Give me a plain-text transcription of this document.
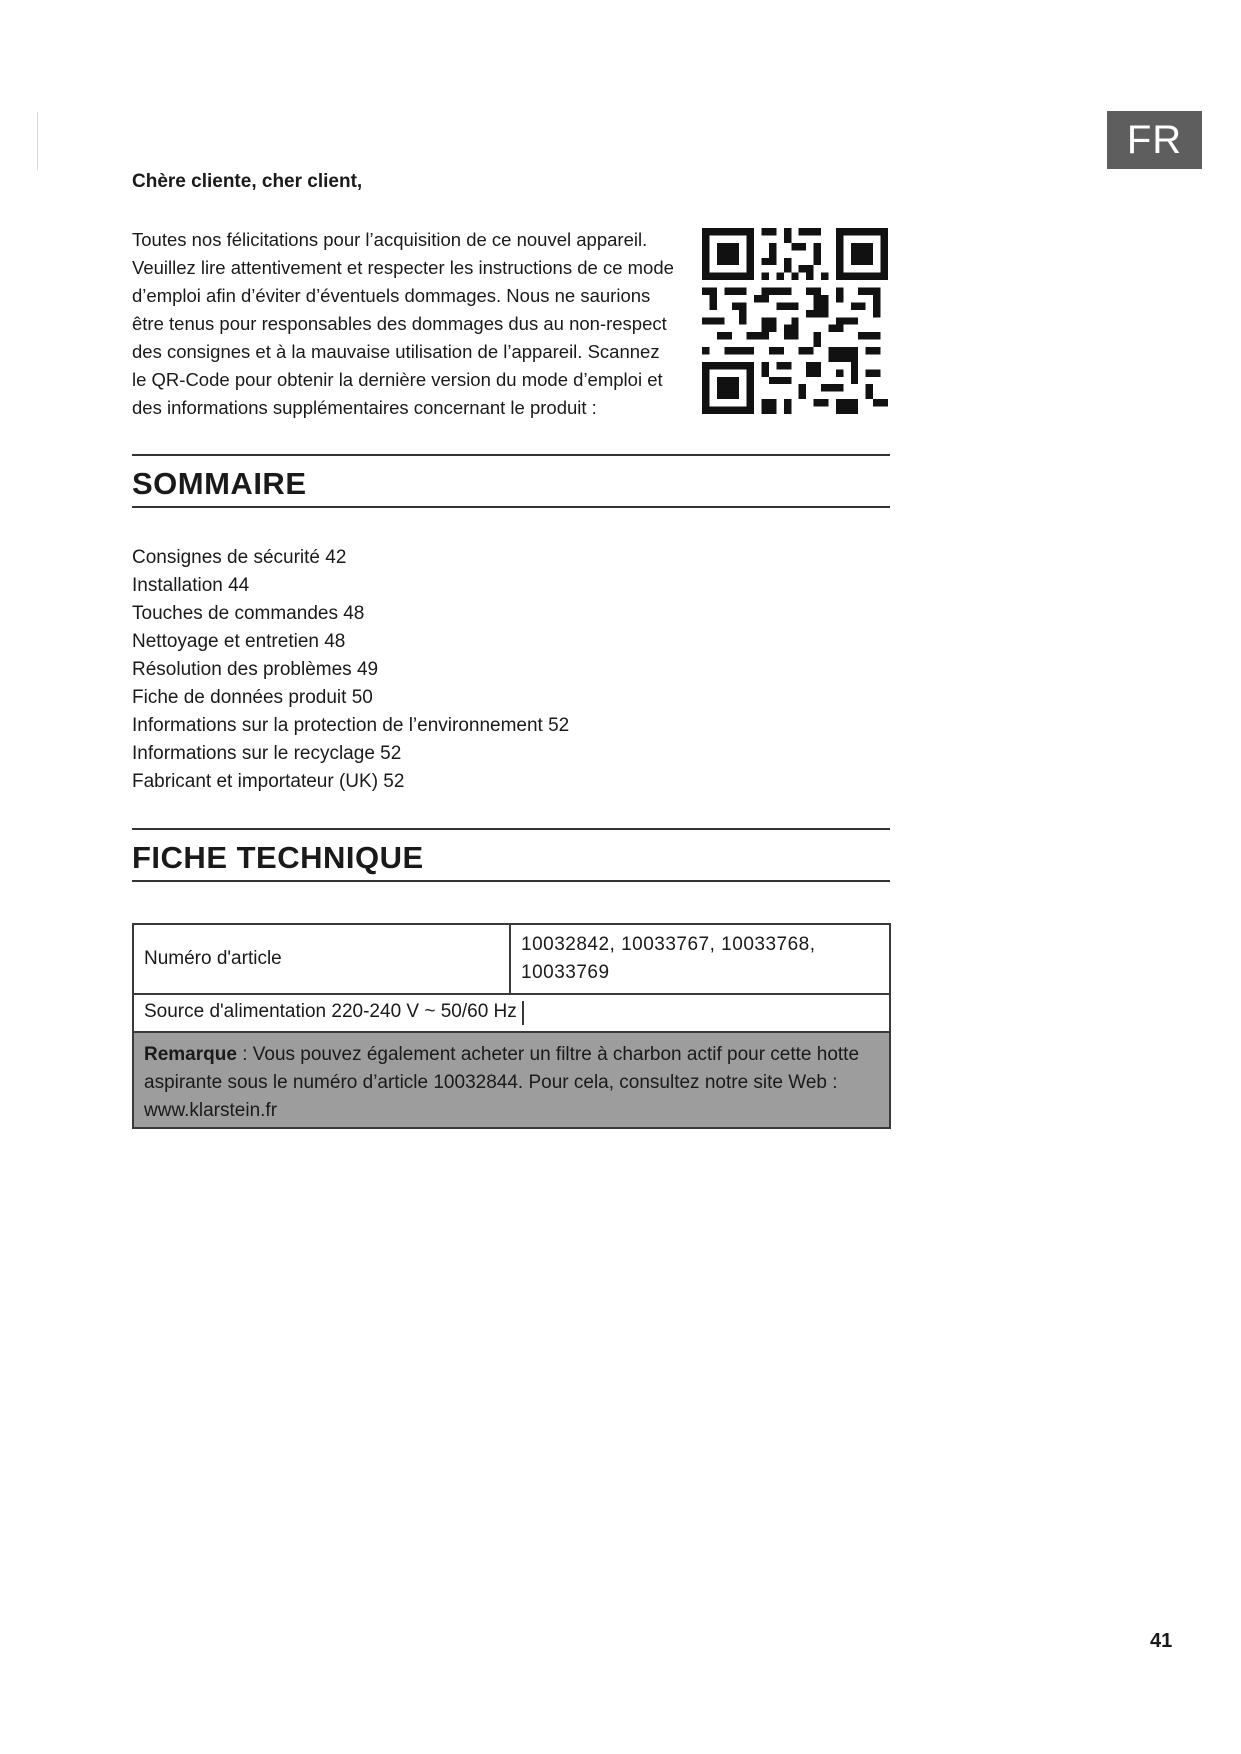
FR
Chère cliente, cher client,

Toutes nos félicitations pour l’acquisition de ce nouvel appareil.

Veuillez lire attentivement et respecter les instructions de ce mode

d’emploi afin d’éviter d’éventuels dommages. Nous ne saurions

être tenus pour responsables des dommages dus au non-respect

des consignes et à la mauvaise utilisation de l’appareil. Scannez

le QR-Code pour obtenir la dernière version du mode d’emploi et

des informations supplémentaires concernant le produit :

SOMMAIRE
Consignes de sécurité 42
Installation 44
Touches de commandes 48
Nettoyage et entretien 48
Résolution des problèmes 49
Fiche de données produit 50
Informations sur la protection de l’environnement 52
Informations sur le recyclage 52
Fabricant et importateur (UK) 52
FICHE TECHNIQUE
Numéro d'article	10032842, 10033767, 10033768,
10033769

Source d'alimentation 220-240 V ~ 50/60 Hz

Remarque : Vous pouvez également acheter un filtre à charbon actif pour cette hotte aspirante sous le numéro d’article 10032844. Pour cela, consultez notre site Web : www.klarstein.fr
41
